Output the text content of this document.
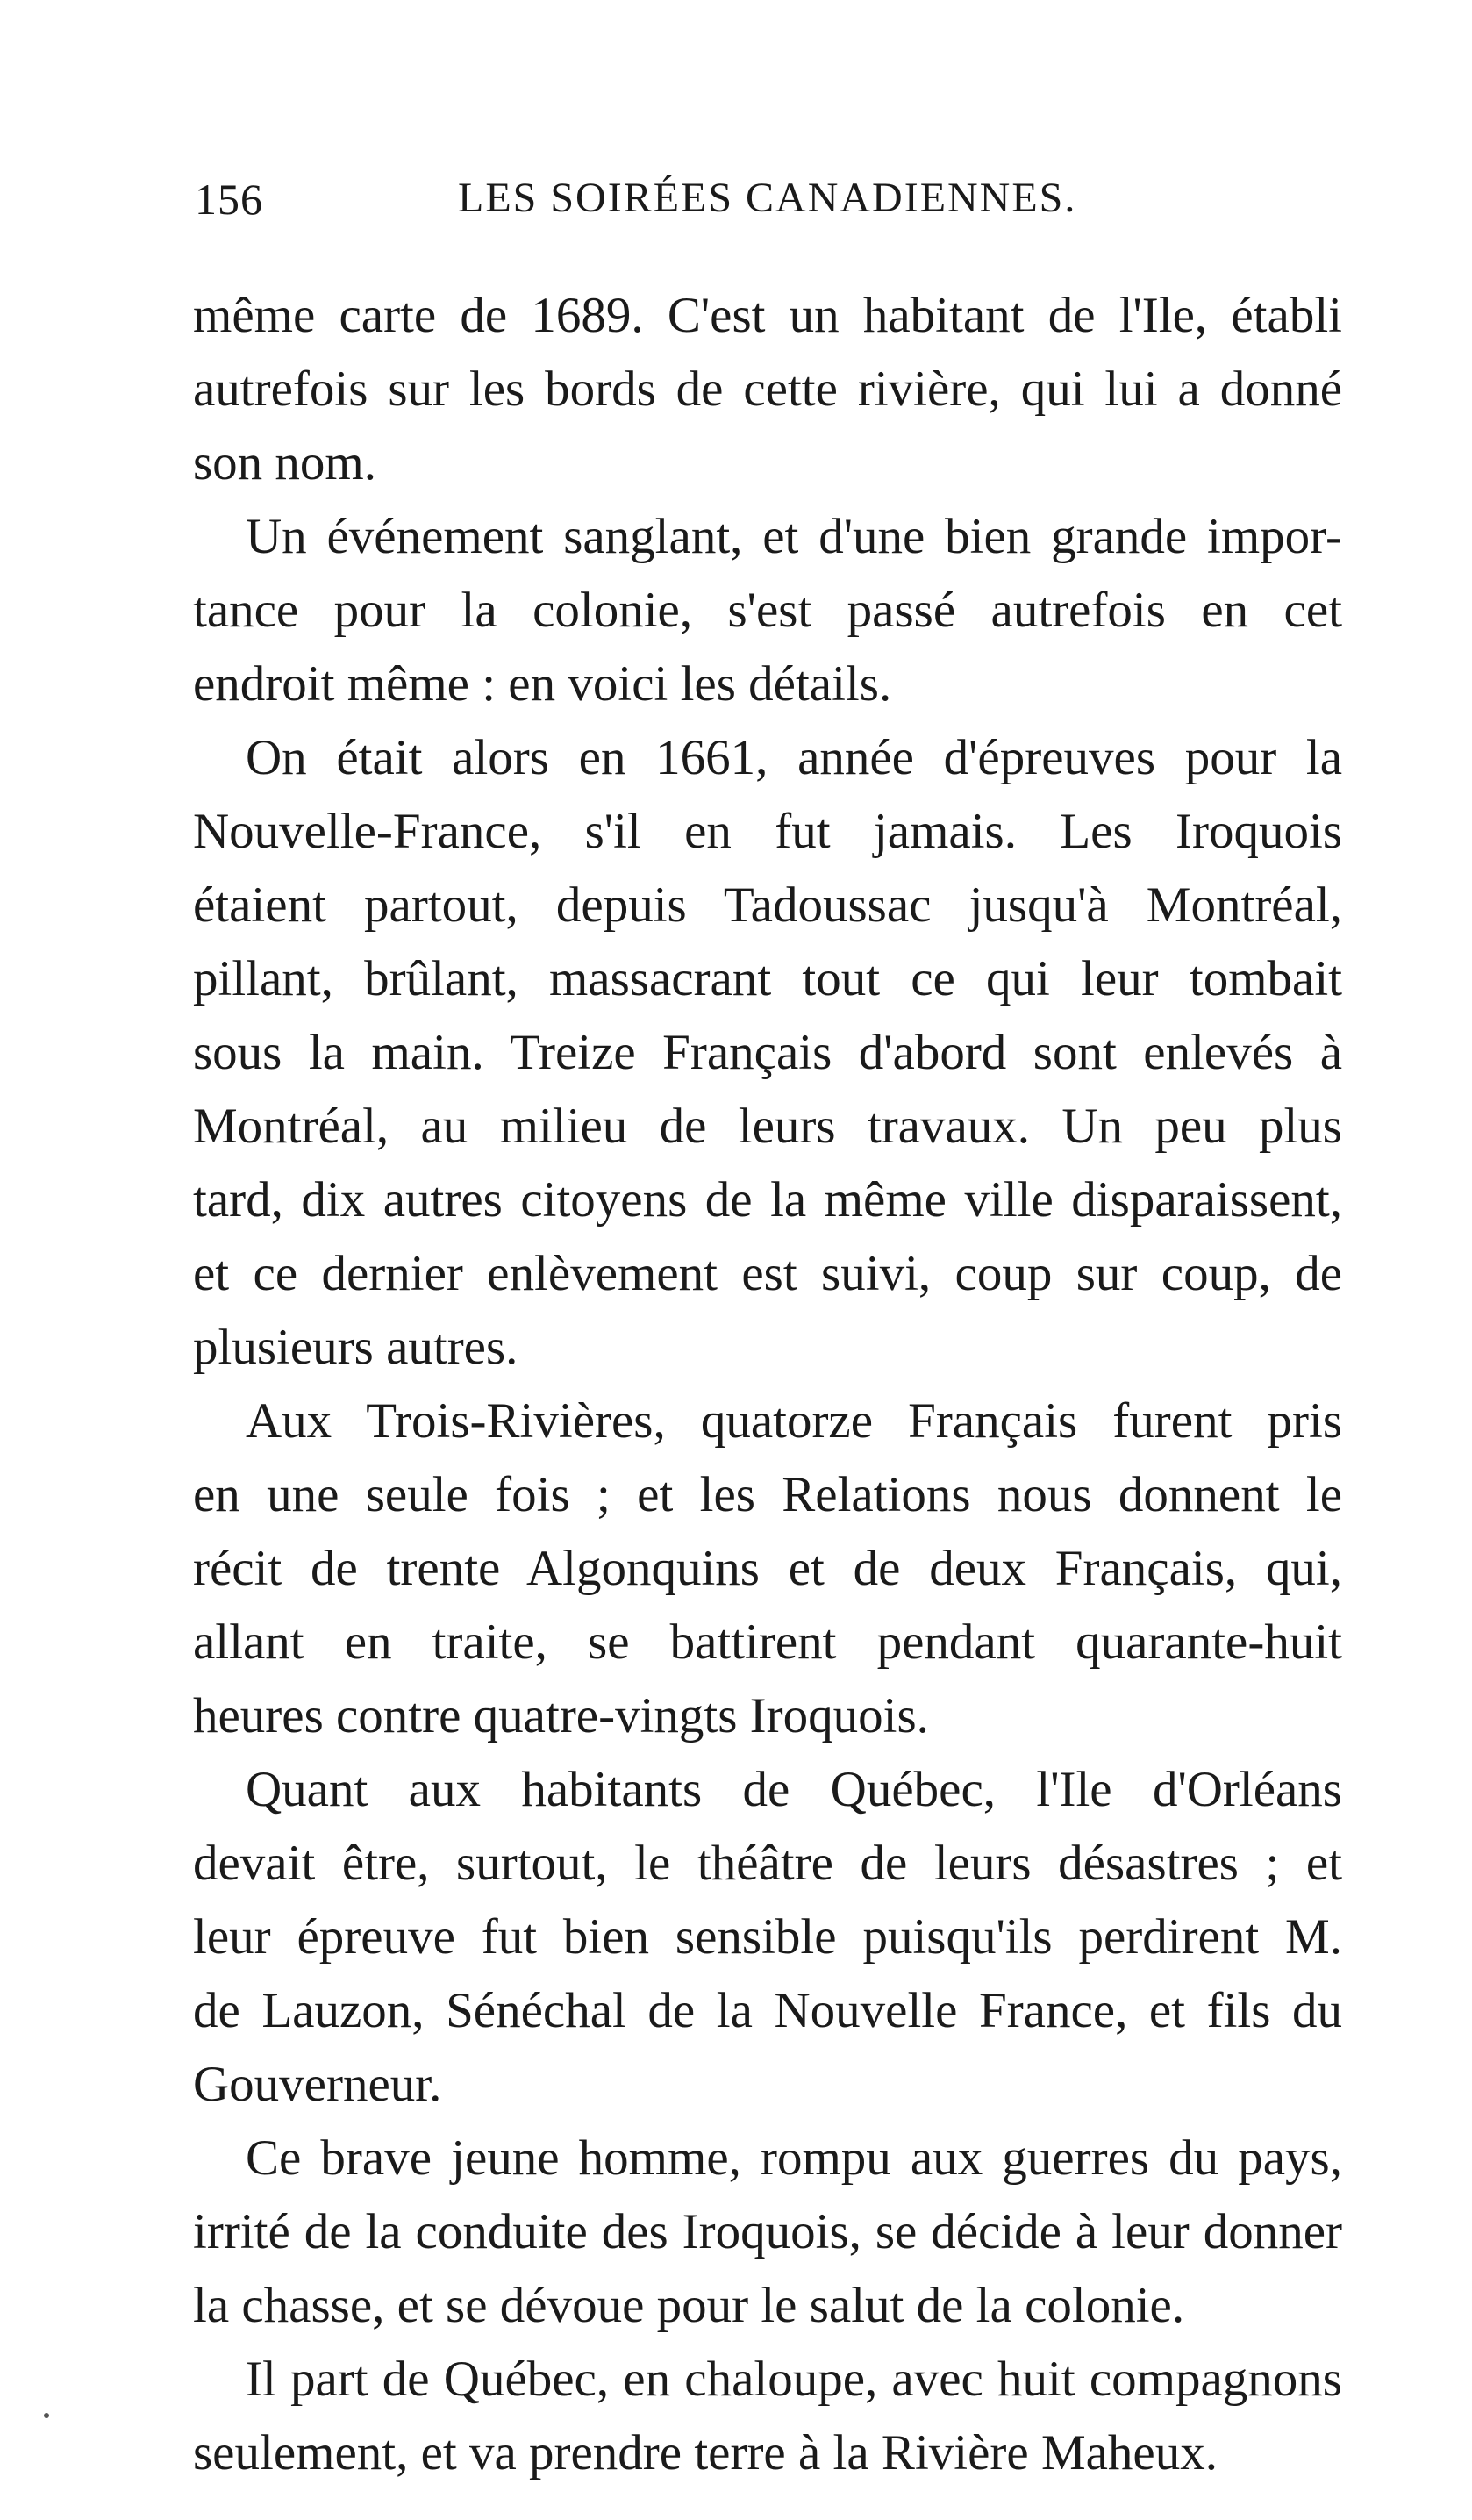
156	LES SOIRÉES CANADIENNES.
même carte de 1689. C'est un habitant de l'Ile, établi
autrefois sur les bords de cette rivière, qui lui a donné
son nom.
Un événement sanglant, et d'une bien grande impor-
tance pour la colonie, s'est passé autrefois en cet
endroit même : en voici les détails.
On était alors en 1661, année d'épreuves pour la
Nouvelle-France, s'il en fut jamais. Les Iroquois
étaient partout, depuis Tadoussac jusqu'à Montréal,
pillant, brûlant, massacrant tout ce qui leur tombait
sous la main. Treize Français d'abord sont enlevés à
Montréal, au milieu de leurs travaux. Un peu plus
tard, dix autres citoyens de la même ville disparaissent,
et ce dernier enlèvement est suivi, coup sur coup, de
plusieurs autres.
Aux Trois-Rivières, quatorze Français furent pris
en une seule fois ; et les Relations nous donnent le
récit de trente Algonquins et de deux Français, qui,
allant en traite, se battirent pendant quarante-huit
heures contre quatre-vingts Iroquois.
Quant aux habitants de Québec, l'Ile d'Orléans
devait être, surtout, le théâtre de leurs désastres ; et
leur épreuve fut bien sensible puisqu'ils perdirent M.
de Lauzon, Sénéchal de la Nouvelle France, et fils du
Gouverneur.
Ce brave jeune homme, rompu aux guerres du pays,
irrité de la conduite des Iroquois, se décide à leur donner
la chasse, et se dévoue pour le salut de la colonie.
Il part de Québec, en chaloupe, avec huit compagnons
seulement, et va prendre terre à la Rivière Maheux.
